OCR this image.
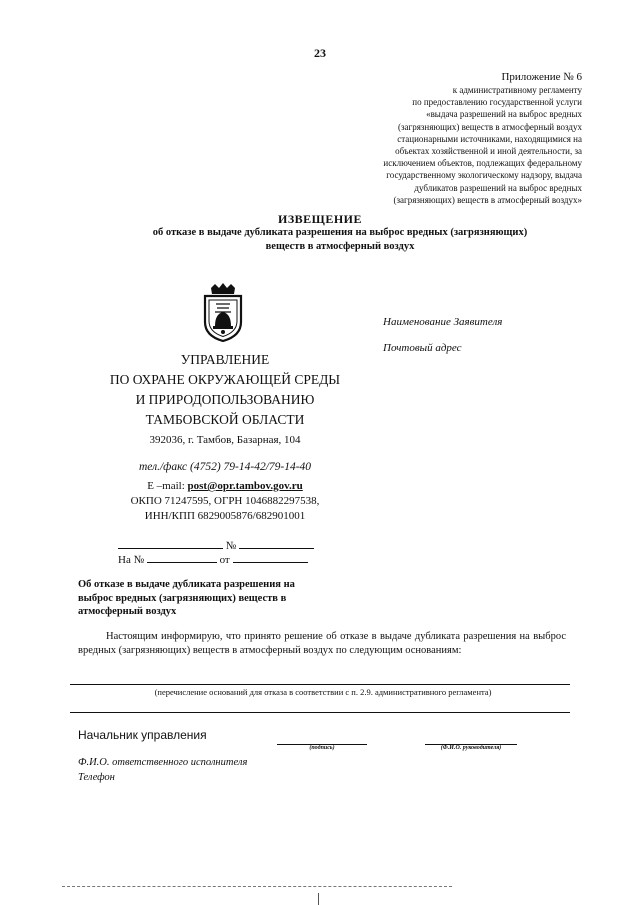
23
Приложение № 6
к административному регламенту
по предоставлению государственной услуги
«выдача разрешений на выброс вредных
(загрязняющих) веществ в атмосферный воздух
стационарными источниками, находящимися на
объектах хозяйственной и иной деятельности, за
исключением объектов, подлежащих федеральному
государственному экологическому надзору, выдача
дубликатов разрешений на выброс вредных
(загрязняющих) веществ в атмосферный воздух»
ИЗВЕЩЕНИЕ
об отказе в выдаче дубликата разрешения на выброс вредных (загрязняющих)
веществ в атмосферный воздух
УПРАВЛЕНИЕ
ПО ОХРАНЕ ОКРУЖАЮЩЕЙ СРЕДЫ
И ПРИРОДОПОЛЬЗОВАНИЮ
ТАМБОВСКОЙ ОБЛАСТИ
392036, г. Тамбов, Базарная, 104
тел./факс (4752) 79-14-42/79-14-40
E –mail: post@opr.tambov.gov.ru
ОКПО 71247595, ОГРН 1046882297538,
ИНН/КПП 6829005876/682901001
№
На №	от
Наименование Заявителя
Почтовый адрес
Об отказе в выдаче дубликата разрешения на
выброс вредных (загрязняющих) веществ в
атмосферный воздух
Настоящим информирую, что принято решение об отказе в выдаче дубликата разрешения на выброс вредных (загрязняющих) веществ в атмосферный воздух по следующим основаниям:
(перечисление оснований для отказа в соответствии с п. 2.9. административного регламента)
Начальник управления
(подпись)	(Ф.И.О. руководителя)
Ф.И.О. ответственного исполнителя
Телефон
